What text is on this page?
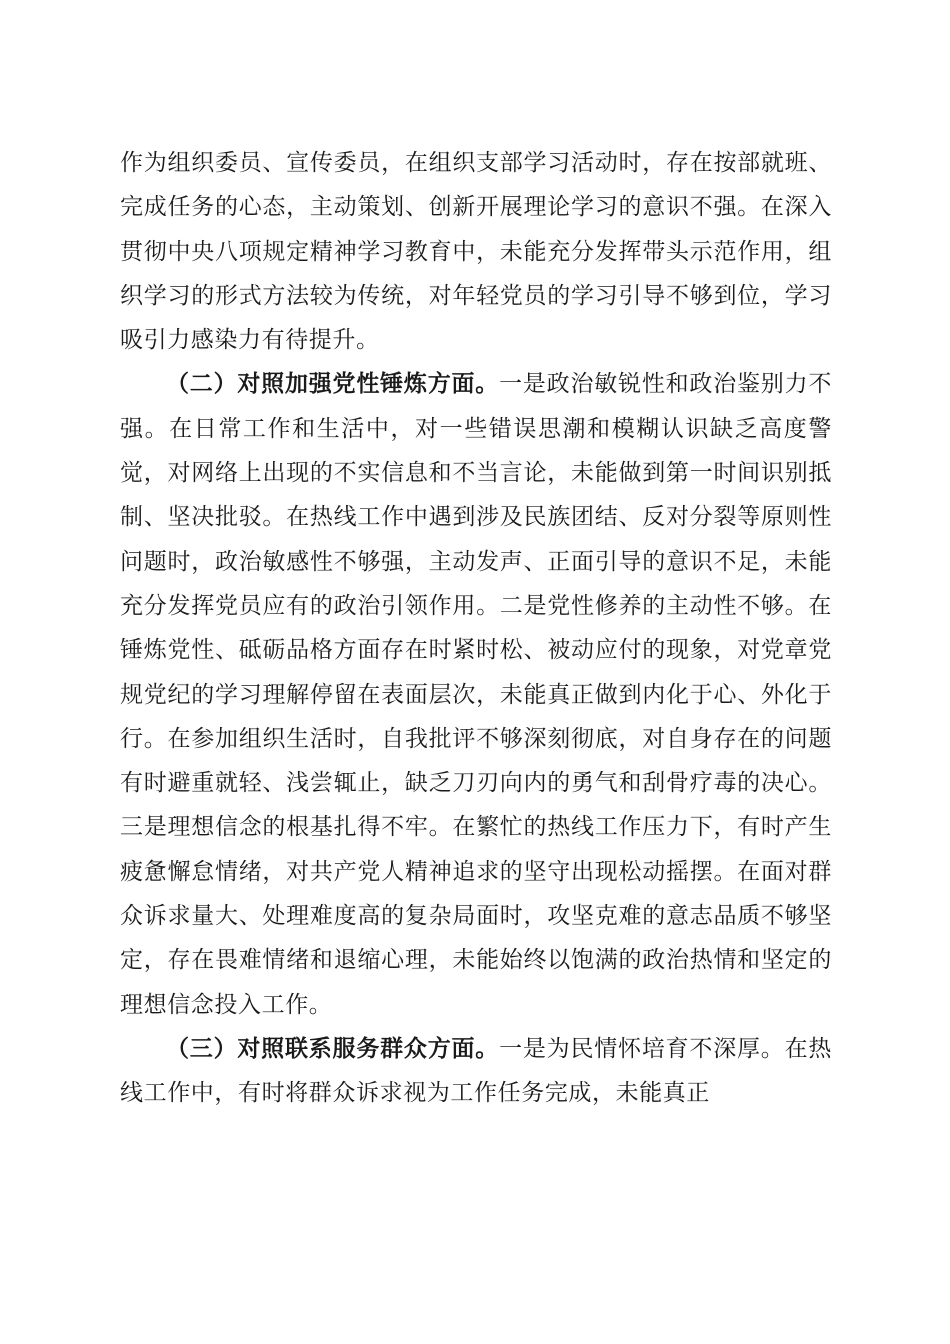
作为组织委员、宣传委员，在组织支部学习活动时，存在按部就班、完成任务的心态，主动策划、创新开展理论学习的意识不强。在深入贯彻中央八项规定精神学习教育中，未能充分发挥带头示范作用，组织学习的形式方法较为传统，对年轻党员的学习引导不够到位，学习吸引力感染力有待提升。

（二）对照加强党性锤炼方面。一是政治敏锐性和政治鉴别力不强。在日常工作和生活中，对一些错误思潮和模糊认识缺乏高度警觉，对网络上出现的不实信息和不当言论，未能做到第一时间识别抵制、坚决批驳。在热线工作中遇到涉及民族团结、反对分裂等原则性问题时，政治敏感性不够强，主动发声、正面引导的意识不足，未能充分发挥党员应有的政治引领作用。二是党性修养的主动性不够。在锤炼党性、砥砺品格方面存在时紧时松、被动应付的现象，对党章党规党纪的学习理解停留在表面层次，未能真正做到内化于心、外化于行。在参加组织生活时，自我批评不够深刻彻底，对自身存在的问题有时避重就轻、浅尝辄止，缺乏刀刃向内的勇气和刮骨疗毒的决心。三是理想信念的根基扎得不牢。在繁忙的热线工作压力下，有时产生疲惫懈怠情绪，对共产党人精神追求的坚守出现松动摇摆。在面对群众诉求量大、处理难度高的复杂局面时，攻坚克难的意志品质不够坚定，存在畏难情绪和退缩心理，未能始终以饱满的政治热情和坚定的理想信念投入工作。

（三）对照联系服务群众方面。一是为民情怀培育不深厚。在热线工作中，有时将群众诉求视为工作任务完成，未能真正
